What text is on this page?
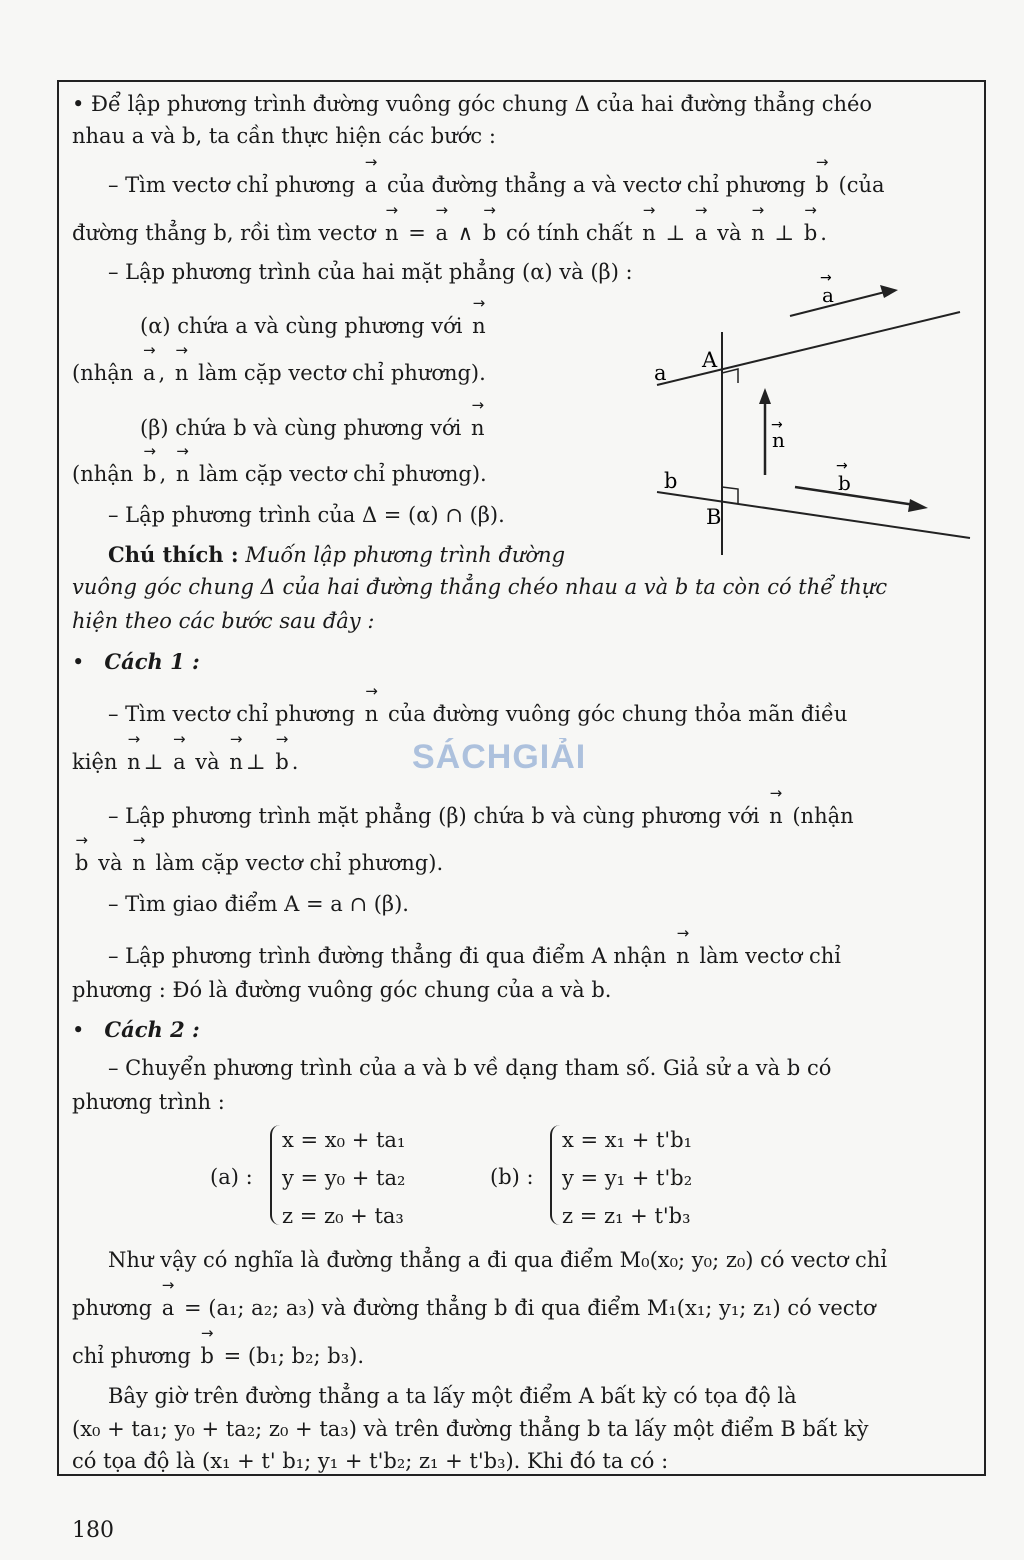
• Để lập phương trình đường vuông góc chung Δ của hai đường thẳng chéo
nhau a và b, ta cần thực hiện các bước :
– Tìm vectơ chỉ phương → a của đường thẳng a và vectơ chỉ phương → b (của
đường thẳng b, rồi tìm vectơ → n = → a ∧ → b có tính chất → n ⊥ → a và → n ⊥ → b .
– Lập phương trình của hai mặt phẳng (α) và (β) :
(α) chứa a và cùng phương với → n
(nhận → a , → n làm cặp vectơ chỉ phương).
(β) chứa b và cùng phương với → n
(nhận → b , → n làm cặp vectơ chỉ phương).
– Lập phương trình của Δ = (α) ∩ (β).
Chú thích : Muốn lập phương trình đường
vuông góc chung Δ của hai đường thẳng chéo nhau a và b ta còn có thể thực
hiện theo các bước sau đây :
•   Cách 1 :
– Tìm vectơ chỉ phương → n của đường vuông góc chung thỏa mãn điều
kiện → n ⊥ → a và → n ⊥ → b .
– Lập phương trình mặt phẳng (β) chứa b và cùng phương với → n (nhận
→ b và → n làm cặp vectơ chỉ phương).
– Tìm giao điểm A = a ∩ (β).
– Lập phương trình đường thẳng đi qua điểm A nhận → n làm vectơ chỉ
phương : Đó là đường vuông góc chung của a và b.
•   Cách 2 :
– Chuyển phương trình của a và b về dạng tham số. Giả sử a và b có
phương trình :
(a) :
x = x₀ + ta₁
y = y₀ + ta₂
z = z₀ + ta₃
(b) :
x = x₁ + t'b₁
y = y₁ + t'b₂
z = z₁ + t'b₃
Như vậy có nghĩa là đường thẳng a đi qua điểm M₀(x₀; y₀; z₀) có vectơ chỉ
phương → a = (a₁; a₂; a₃) và đường thẳng b đi qua điểm M₁(x₁; y₁; z₁) có vectơ
chỉ phương → b = (b₁; b₂; b₃).
Bây giờ trên đường thẳng a ta lấy một điểm A bất kỳ có tọa độ là
(x₀ + ta₁; y₀ + ta₂; z₀ + ta₃) và trên đường thẳng b ta lấy một điểm B bất kỳ
có tọa độ là (x₁ + t' b₁; y₁ + t'b₂; z₁ + t'b₃). Khi đó ta có :
a
→
a
A
n
→
b	b
→
B
SÁCHGIẢI
180
